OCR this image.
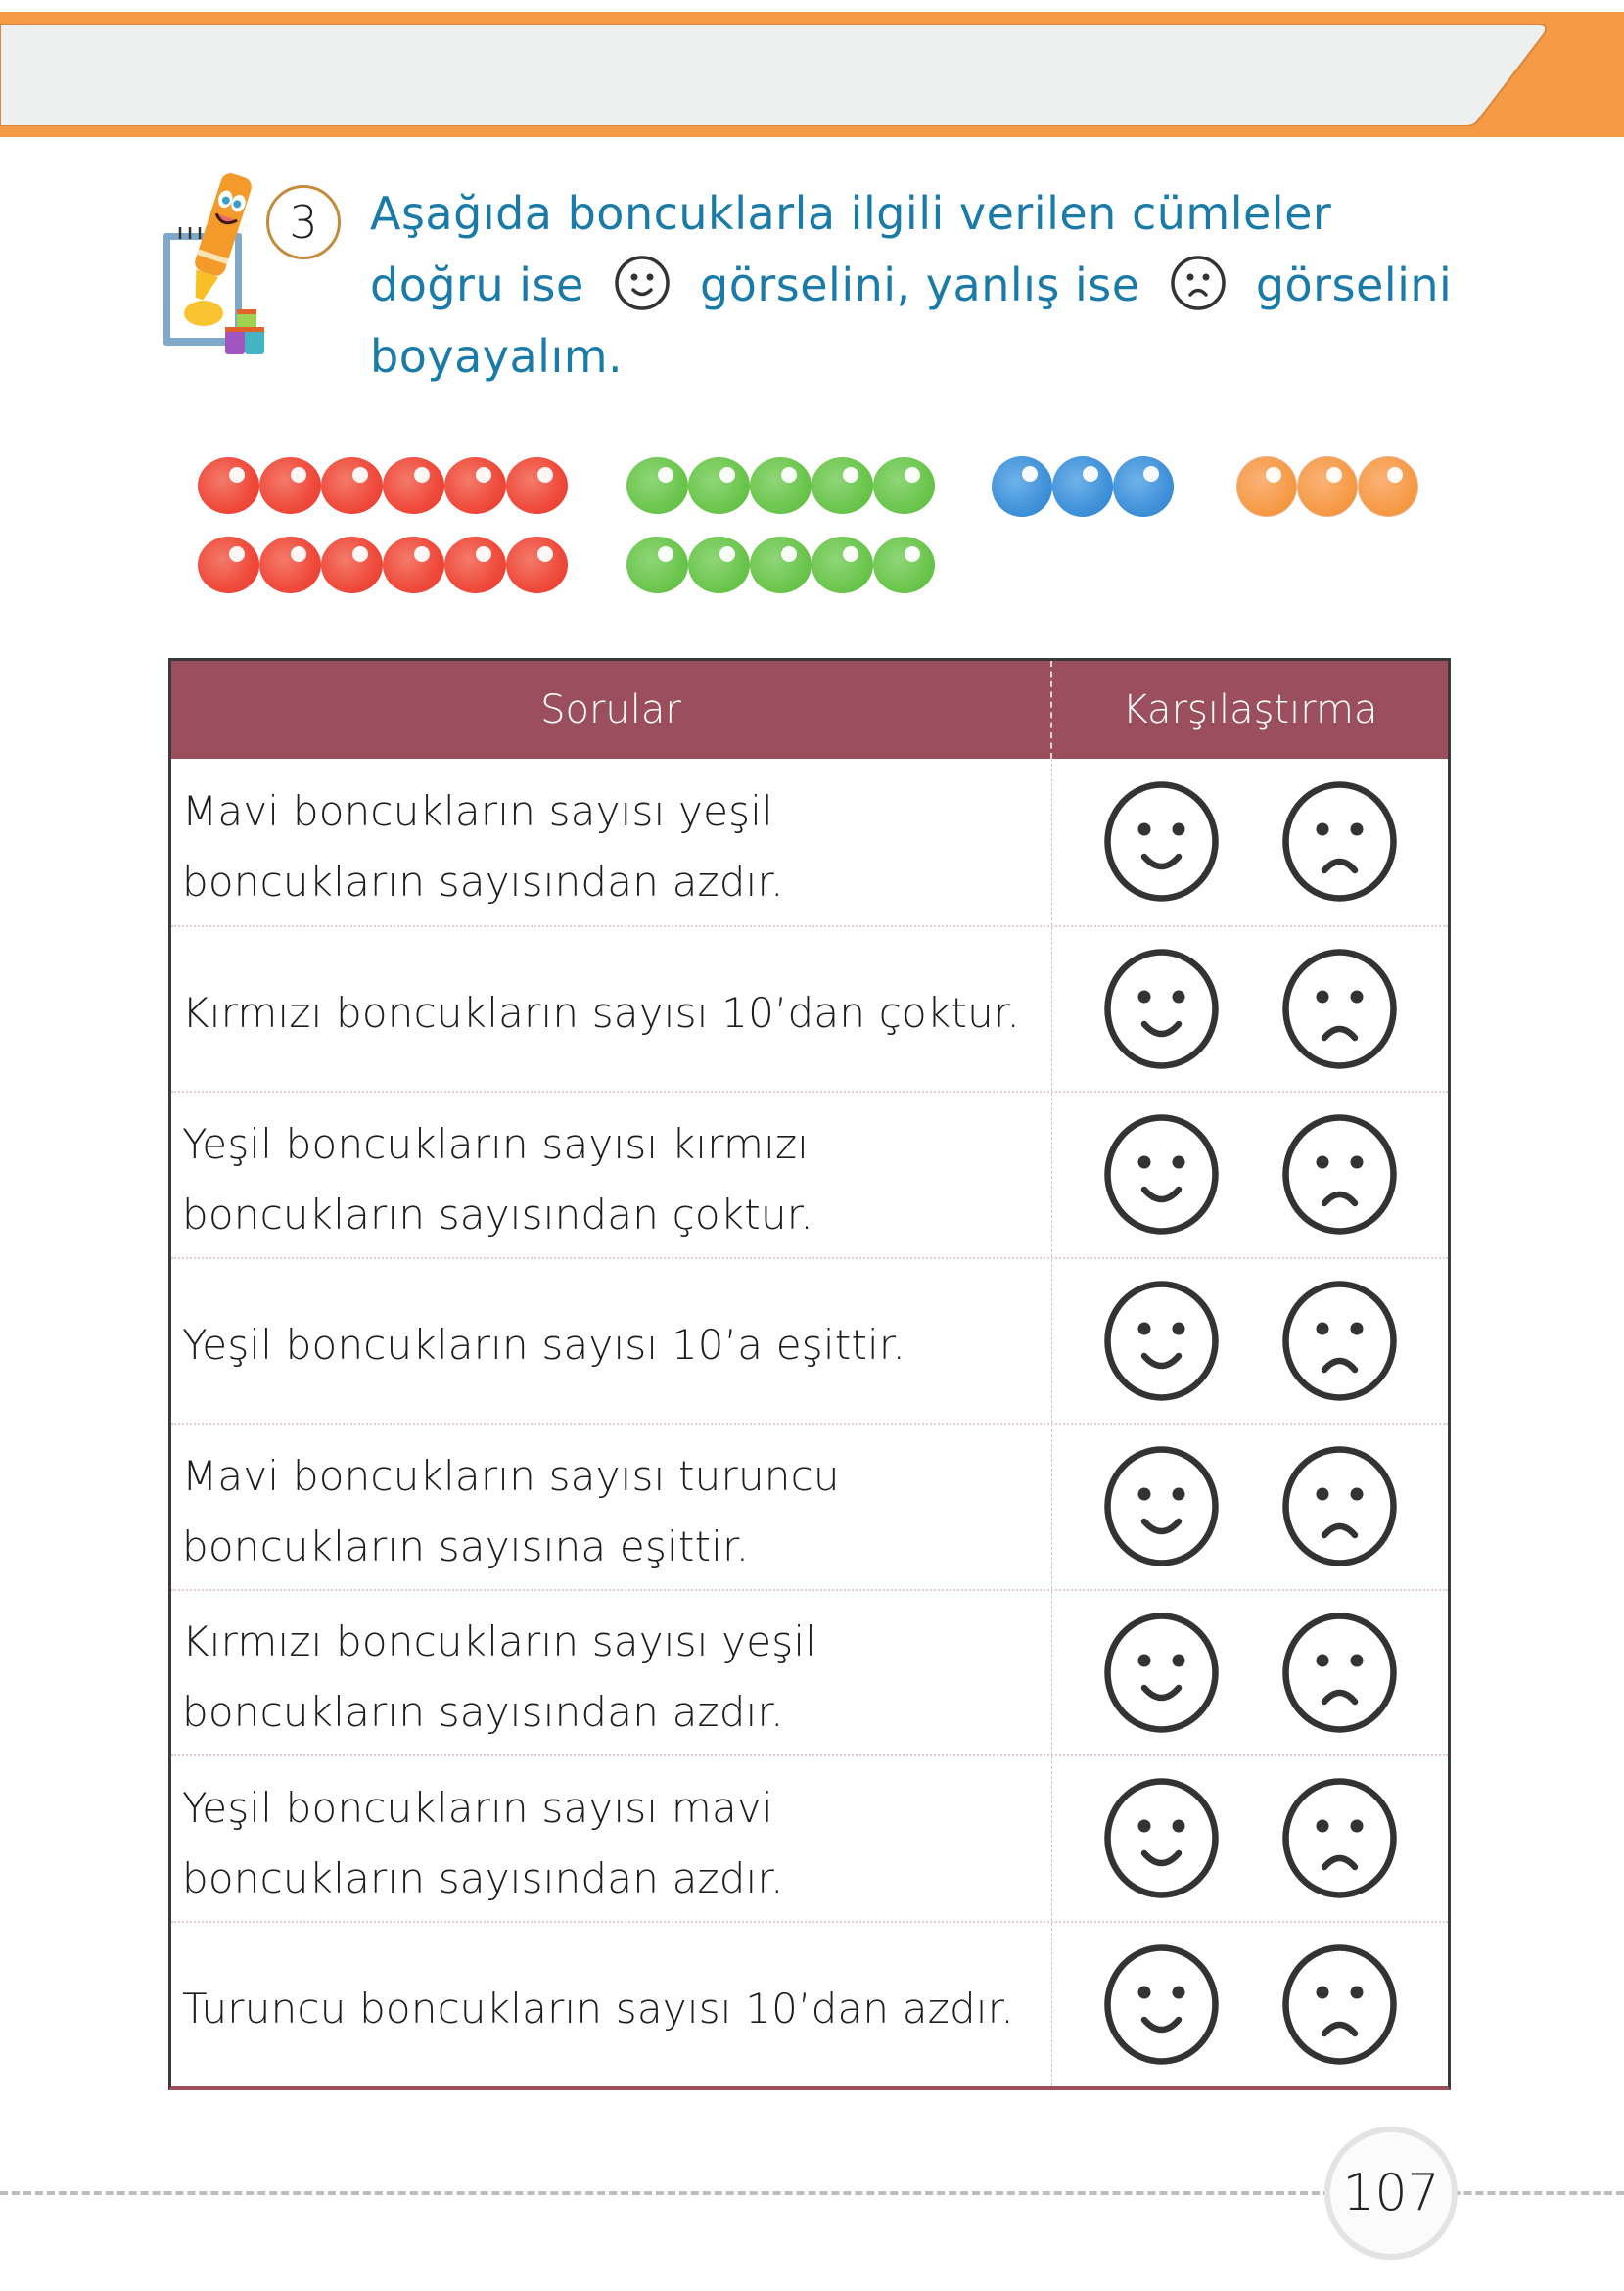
3	Aşağıda boncuklarla ilgili verilen cümleler
doğru ise	görselini, yanlış ise	görselini
boyayalım.
Sorular	Karşılaştırma
Mavi boncukların sayısı yeşil
boncukların sayısından azdır.
Kırmızı boncukların sayısı 10’dan çoktur.
Yeşil boncukların sayısı kırmızı
boncukların sayısından çoktur.
Yeşil boncukların sayısı 10’a eşittir.
Mavi boncukların sayısı turuncu
boncukların sayısına eşittir.
Kırmızı boncukların sayısı yeşil
boncukların sayısından azdır.
Yeşil boncukların sayısı mavi
boncukların sayısından azdır.
Turuncu boncukların sayısı 10’dan azdır.
107
